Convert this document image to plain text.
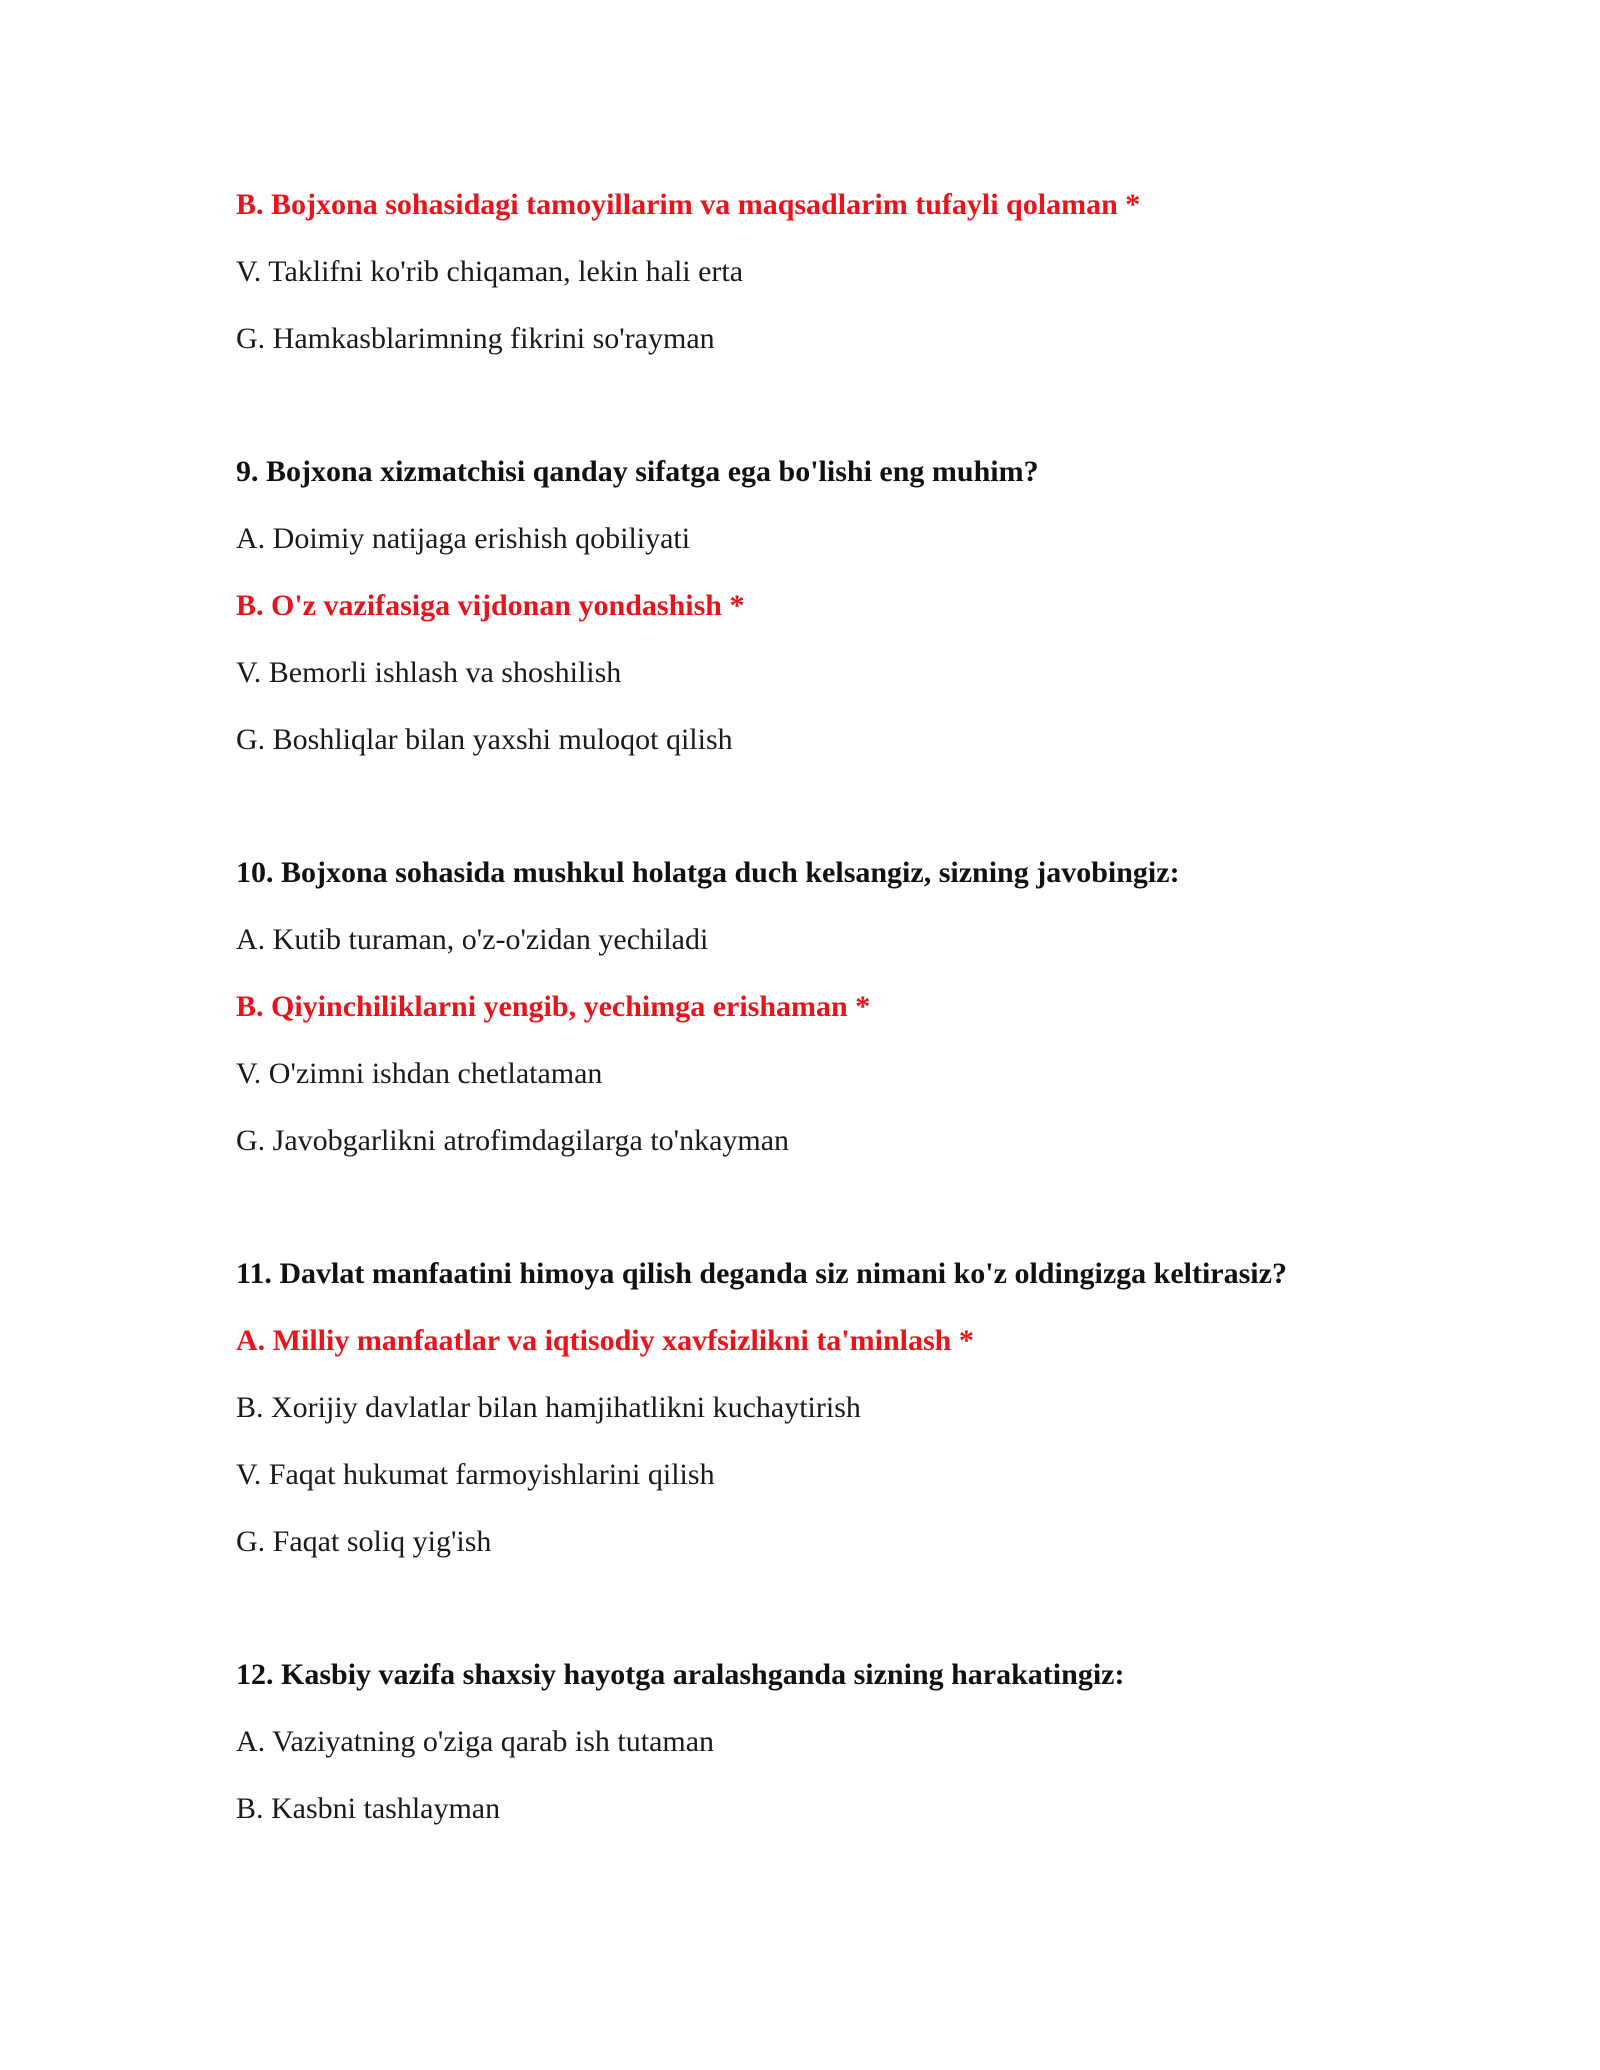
B. Bojxona sohasidagi tamoyillarim va maqsadlarim tufayli qolaman *
V. Taklifni ko'rib chiqaman, lekin hali erta
G. Hamkasblarimning fikrini so'rayman
9. Bojxona xizmatchisi qanday sifatga ega bo'lishi eng muhim?
A. Doimiy natijaga erishish qobiliyati
B. O'z vazifasiga vijdonan yondashish *
V. Bemorli ishlash va shoshilish
G. Boshliqlar bilan yaxshi muloqot qilish
10. Bojxona sohasida mushkul holatga duch kelsangiz, sizning javobingiz:
A. Kutib turaman, o'z-o'zidan yechiladi
B. Qiyinchiliklarni yengib, yechimga erishaman *
V. O'zimni ishdan chetlataman
G. Javobgarlikni atrofimdagilarga to'nkayman
11. Davlat manfaatini himoya qilish deganda siz nimani ko'z oldingizga keltirasiz?
A. Milliy manfaatlar va iqtisodiy xavfsizlikni ta'minlash *
B. Xorijiy davlatlar bilan hamjihatlikni kuchaytirish
V. Faqat hukumat farmoyishlarini qilish
G. Faqat soliq yig'ish
12. Kasbiy vazifa shaxsiy hayotga aralashganda sizning harakatingiz:
A. Vaziyatning o'ziga qarab ish tutaman
B. Kasbni tashlayman
